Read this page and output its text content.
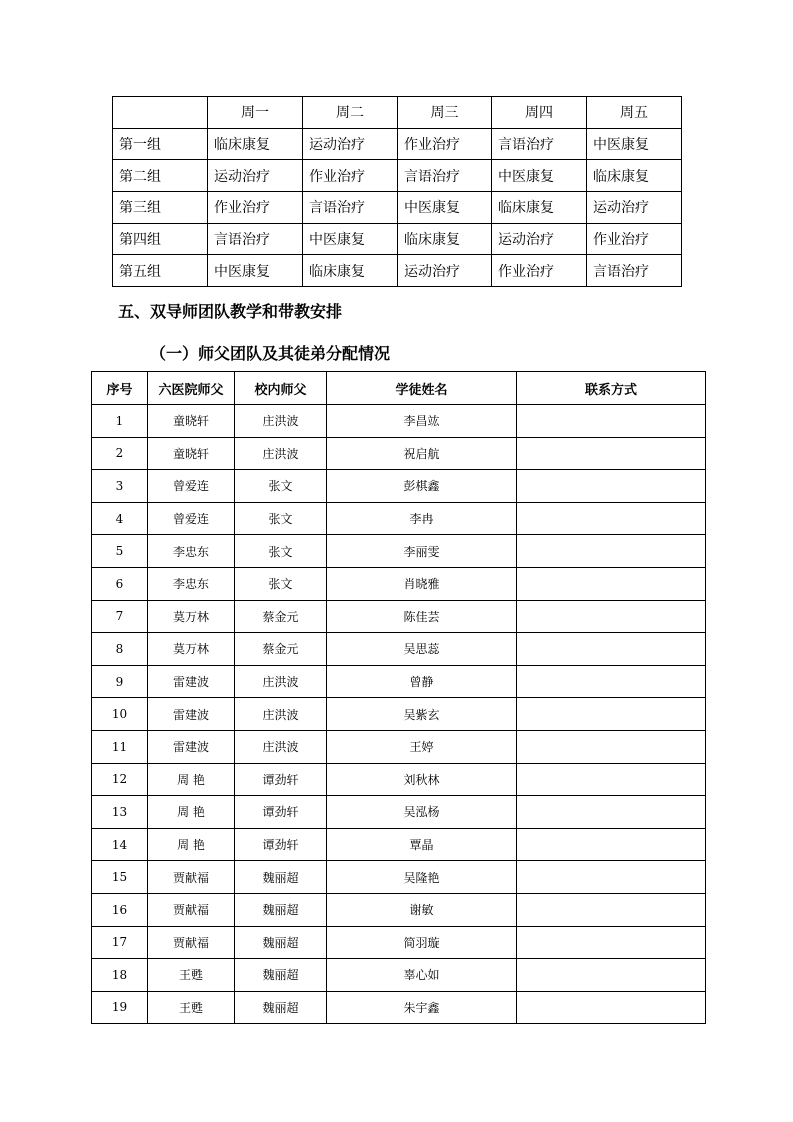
	周一	周二	周三	周四	周五
第一组	临床康复	运动治疗	作业治疗	言语治疗	中医康复
第二组	运动治疗	作业治疗	言语治疗	中医康复	临床康复
第三组	作业治疗	言语治疗	中医康复	临床康复	运动治疗
第四组	言语治疗	中医康复	临床康复	运动治疗	作业治疗
第五组	中医康复	临床康复	运动治疗	作业治疗	言语治疗
五、双导师团队教学和带教安排
（一）师父团队及其徒弟分配情况
序号	六医院师父	校内师父	学徒姓名	联系方式
1	童晓轩	庄洪波	李昌竑	
2	童晓轩	庄洪波	祝启航	
3	曾爱连	张文	彭棋鑫	
4	曾爱连	张文	李冉	
5	李忠东	张文	李丽雯	
6	李忠东	张文	肖晓雅	
7	莫万林	蔡金元	陈佳芸	
8	莫万林	蔡金元	吴思蕊	
9	雷建波	庄洪波	曾静	
10	雷建波	庄洪波	吴紫玄	
11	雷建波	庄洪波	王婷	
12	周 艳	谭劲轩	刘秋林	
13	周 艳	谭劲轩	吴泓杨	
14	周 艳	谭劲轩	覃晶	
15	贾献福	魏丽超	吴隆艳	
16	贾献福	魏丽超	谢敏	
17	贾献福	魏丽超	简羽璇	
18	王甦	魏丽超	辜心如	
19	王甦	魏丽超	朱宇鑫	
